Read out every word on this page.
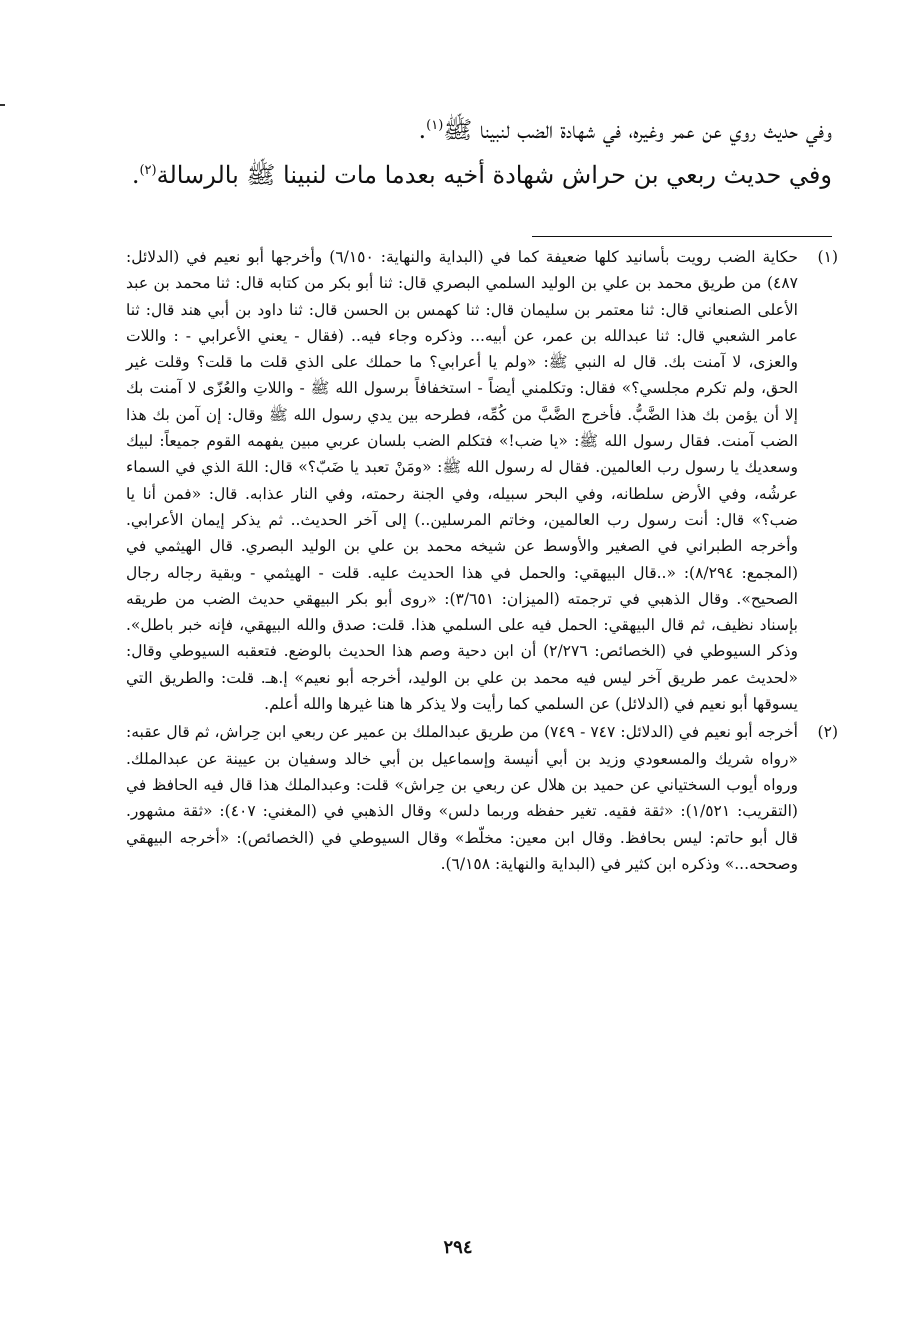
وفي حديث روي عن عمر وغيره، في شهادة الضب لنبينا ﷺ$^{(١)}$.

وفي حديث ربعي بن حراش شهادة أخيه بعدما مات لنبينا ﷺ بالرسالة$^{(٢)}$.

(١)
حكاية الضب رويت بأسانيد كلها ضعيفة كما في (البداية والنهاية: ٦/١٥٠) وأخرجها أبو نعيم في (الدلائل: ٤٨٧) من طريق محمد بن علي بن الوليد السلمي البصري قال: ثنا أبو بكر من كتابه قال: ثنا محمد بن عبد الأعلى الصنعاني قال: ثنا معتمر بن سليمان قال: ثنا كهمس بن الحسن قال: ثنا داود بن أبي هند قال: ثنا عامر الشعبي قال: ثنا عبدالله بن عمر، عن أبيه... وذكره وجاء فيه.. (فقال - يعني الأعرابي - : واللات والعزى، لا آمنت بك. قال له النبي ﷺ: «ولم يا أعرابي؟ ما حملك على الذي قلت ما قلت؟ وقلت غير الحق، ولم تكرم مجلسي؟» فقال: وتكلمني أيضاً - استخفافاً برسول الله ﷺ - واللاتِ والعُزّى لا آمنت بك إلا أن يؤمن بك هذا الضَّبُّ. فأخرج الضَّبَّ من كُمِّه، فطرحه بين يدي رسول الله ﷺ وقال: إن آمن بك هذا الضب آمنت. فقال رسول الله ﷺ: «يا ضب!» فتكلم الضب بلسان عربي مبين يفهمه القوم جميعاً: لبيك وسعديك يا رسول رب العالمين. فقال له رسول الله ﷺ: «ومَنْ تعبد يا ضَبّ؟» قال: اللهَ الذي في السماء عرشُه، وفي الأرض سلطانه، وفي البحر سبيله، وفي الجنة رحمته، وفي النار عذابه. قال: «فمن أنا يا ضب؟» قال: أنت رسول رب العالمين، وخاتم المرسلين..) إلى آخر الحديث.. ثم يذكر إيمان الأعرابي. وأخرجه الطبراني في الصغير والأوسط عن شيخه محمد بن علي بن الوليد البصري. قال الهيثمي في (المجمع: ٨/٢٩٤): «..قال البيهقي: والحمل في هذا الحديث عليه. قلت - الهيثمي - وبقية رجاله رجال الصحيح». وقال الذهبي في ترجمته (الميزان: ٣/٦٥١): «روى أبو بكر البيهقي حديث الضب من طريقه بإسناد نظيف، ثم قال البيهقي: الحمل فيه على السلمي هذا. قلت: صدق والله البيهقي، فإنه خبر باطل». وذكر السيوطي في (الخصائص: ٢/٢٧٦) أن ابن دحية وصم هذا الحديث بالوضع. فتعقبه السيوطي وقال: «لحديث عمر طريق آخر ليس فيه محمد بن علي بن الوليد، أخرجه أبو نعيم» إ.هـ. قلت: والطريق التي يسوقها أبو نعيم في (الدلائل) عن السلمي كما رأيت ولا يذكر ها هنا غيرها والله أعلم.
(٢)
أخرجه أبو نعيم في (الدلائل: ٧٤٧ - ٧٤٩) من طريق عبدالملك بن عمير عن ربعي ابن حِراش، ثم قال عقبه: «رواه شريك والمسعودي وزيد بن أبي أنيسة وإسماعيل بن أبي خالد وسفيان بن عيينة عن عبدالملك. ورواه أيوب السختياني عن حميد بن هلال عن ربعي بن حِراش» قلت: وعبدالملك هذا قال فيه الحافظ في (التقريب: ١/٥٢١): «ثقة فقيه. تغير حفظه وربما دلس» وقال الذهبي في (المغني: ٤٠٧): «ثقة مشهور. قال أبو حاتم: ليس بحافظ. وقال ابن معين: مخلّط» وقال السيوطي في (الخصائص): «أخرجه البيهقي وصححه...» وذكره ابن كثير في (البداية والنهاية: ٦/١٥٨).
٢٩٤
